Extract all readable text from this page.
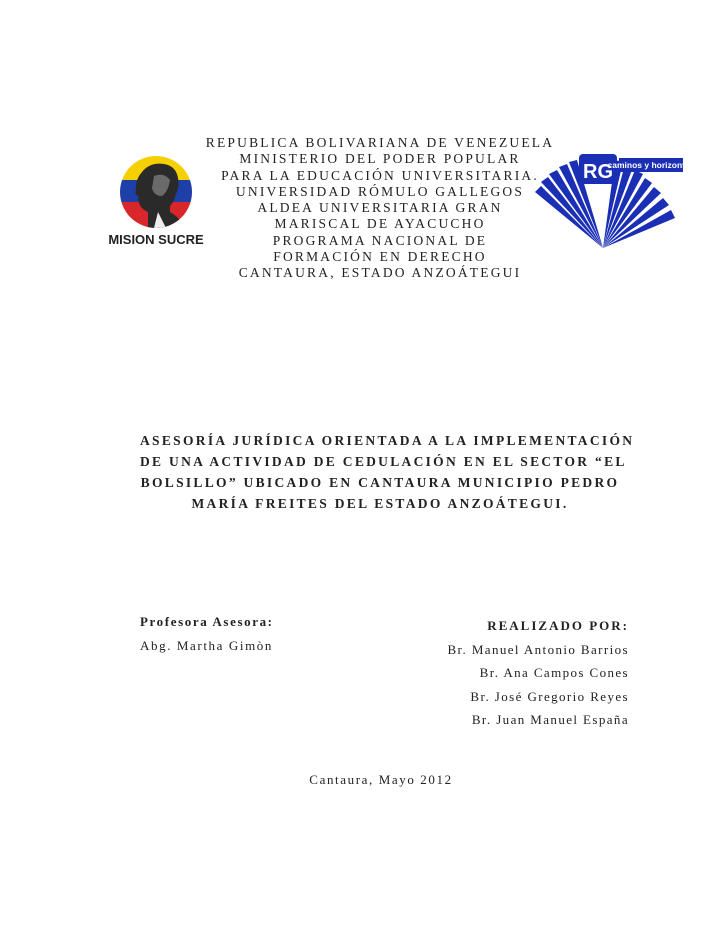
MISION SUCRE
REPUBLICA BOLIVARIANA DE VENEZUELA
MINISTERIO DEL PODER POPULAR
PARA LA EDUCACIÓN UNIVERSITARIA.
UNIVERSIDAD RÓMULO GALLEGOS
ALDEA UNIVERSITARIA GRAN
MARISCAL DE AYACUCHO
PROGRAMA NACIONAL DE
FORMACIÓN EN DERECHO
CANTAURA, ESTADO ANZOÁTEGUI
RG
caminos y horizontes
ASESORÍA JURÍDICA ORIENTADA A LA IMPLEMENTACIÓN
DE UNA ACTIVIDAD DE CEDULACIÓN EN EL SECTOR “EL
BOLSILLO” UBICADO EN CANTAURA MUNICIPIO PEDRO
MARÍA FREITES DEL ESTADO ANZOÁTEGUI.
Profesora Asesora:
Abg. Martha Gimòn
REALIZADO POR:
Br. Manuel Antonio Barrios
Br. Ana Campos Cones
Br. José Gregorio Reyes
Br. Juan Manuel España
Cantaura, Mayo 2012
